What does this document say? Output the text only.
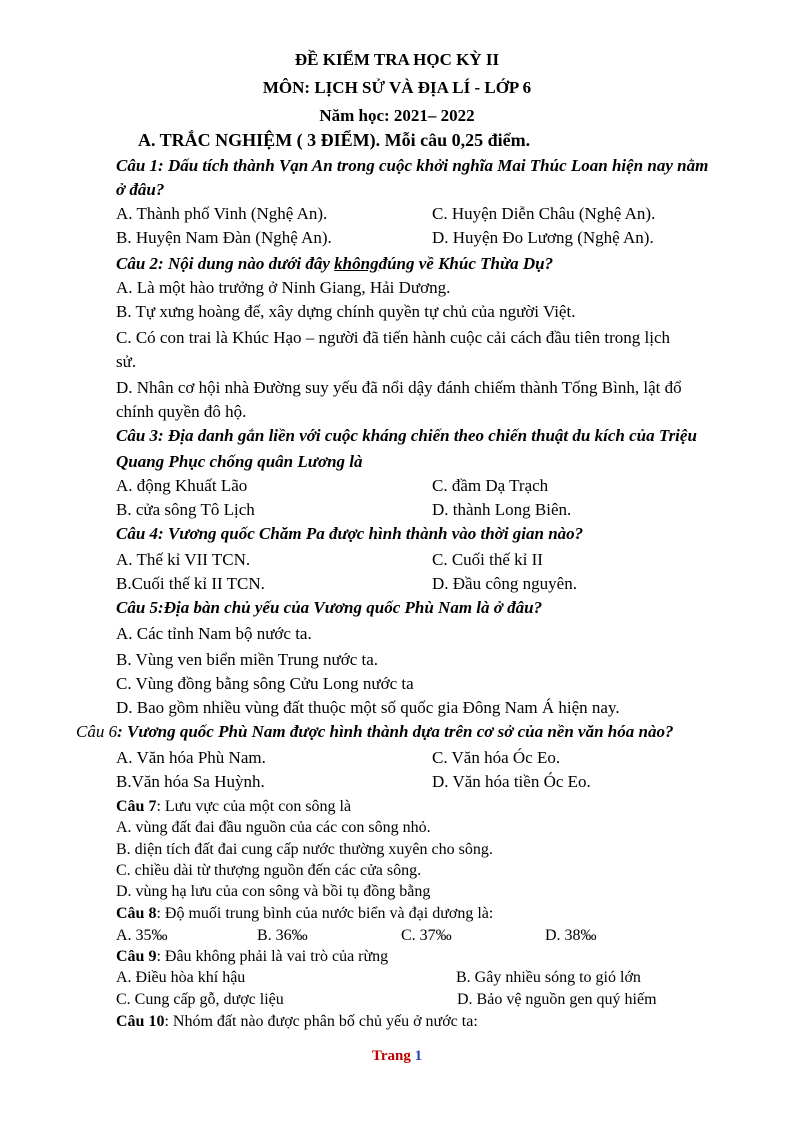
ĐỀ KIỂM TRA HỌC KỲ II
MÔN: LỊCH SỬ VÀ ĐỊA LÍ - LỚP 6
Năm học: 2021– 2022
A. TRẮC NGHIỆM ( 3 ĐIỂM). Mỗi câu 0,25 điểm.
Câu 1: Dấu tích thành Vạn An trong cuộc khởi nghĩa Mai Thúc Loan hiện nay nằm
ở đâu?
A. Thành phố Vinh (Nghệ An).	C. Huyện Diễn Châu (Nghệ An).
B. Huyện Nam Đàn (Nghệ An).	D. Huyện Đo Lương (Nghệ An).
Câu 2: Nội dung nào dưới đây khôngđúng về Khúc Thừa Dụ?
A. Là một hào trưởng ở Ninh Giang, Hải Dương.
B. Tự xưng hoàng đế, xây dựng chính quyền tự chủ của người Việt.
C. Có con trai là Khúc Hạo – người đã tiến hành cuộc cải cách đầu tiên trong lịch
sử.
D. Nhân cơ hội nhà Đường suy yếu đã nổi dậy đánh chiếm thành Tống Bình, lật đổ
chính quyền đô hộ.
Câu 3: Địa danh gắn liền với cuộc kháng chiến theo chiến thuật du kích của Triệu
Quang Phục chống quân Lương là
A. động Khuất Lão	C. đầm Dạ Trạch
B. cửa sông Tô Lịch	D. thành Long Biên.
Câu 4: Vương quốc Chăm Pa được hình thành vào thời gian nào?
A. Thế kỉ VII TCN.	C. Cuối thế kỉ II
B.Cuối thế kỉ II TCN.	D. Đầu công nguyên.
Câu 5:Địa bàn chủ yếu của Vương quốc Phù Nam là ở đâu?
A. Các tỉnh Nam bộ nước ta.
B. Vùng ven biển miền Trung nước ta.
C. Vùng đồng bằng sông Cửu Long nước ta
D. Bao gồm nhiều vùng đất thuộc một số quốc gia Đông Nam Á hiện nay.
Câu 6: Vương quốc Phù Nam được hình thành dựa trên cơ sở của nền văn hóa nào?
A. Văn hóa Phù Nam.	C. Văn hóa Óc Eo.
B.Văn hóa Sa Huỳnh.	D. Văn hóa tiền Óc Eo.
Câu 7: Lưu vực của một con sông là
A. vùng đất đai đầu nguồn của các con sông nhỏ.
B. diện tích đất đai cung cấp nước thường xuyên cho sông.
C. chiều dài từ thượng nguồn đến các cửa sông.
D. vùng hạ lưu của con sông và bồi tụ đồng bằng
Câu 8: Độ muối trung bình của nước biển và đại dương là:
A. 35‰	B. 36‰	C. 37‰	D. 38‰
Câu 9: Đâu không phải là vai trò của rừng
A. Điều hòa khí hậu	B. Gây nhiều sóng to gió lớn
C. Cung cấp gỗ, dược liệu	D. Bảo vệ nguồn gen quý hiếm
Câu 10: Nhóm đất nào được phân bố chủ yếu ở nước ta:
Trang 1
